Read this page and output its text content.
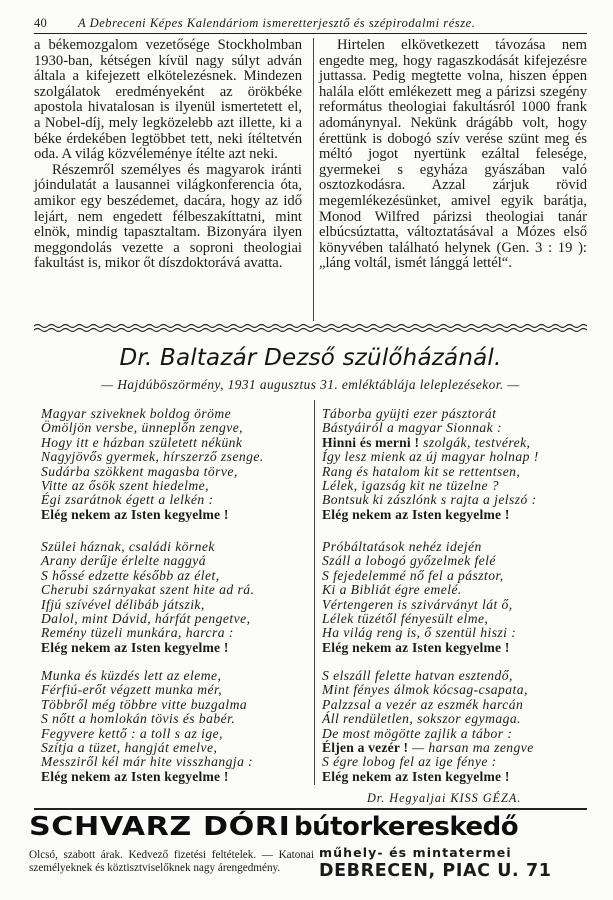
40 A Debreceni Képes Kalendáriom ismeretterjesztő és szépirodalmi része.

a békemozgalom vezetősége Stockholmban 1930-ban, kétségen kívül nagy súlyt adván általa a kifejezett elkötelezésnek. Mindezen szolgálatok eredményeként az örökbéke apostola hivatalosan is ilyenül ismertetett el, a Nobel-díj, mely legközelebb azt illette, ki a béke érdekében legtöbbet tett, neki ítéltetvén oda. A világ közvéleménye ítélte azt neki.

Részemről személyes és magyarok iránti jóindulatát a lausannei világkonferencia óta, amikor egy beszédemet, dacára, hogy az idő lejárt, nem engedett félbeszakíttatni, mint elnök, mindig tapasztaltam. Bizonyára ilyen meggondolás vezette a soproni theologiai fakultást is, mikor őt díszdoktorává avatta.

Hirtelen elkövetkezett távozása nem engedte meg, hogy ragaszkodását kifejezésre juttassa. Pedig megtette volna, hiszen éppen halála előtt emlékezett meg a párizsi szegény református theologiai fakultásról 1000 frank adománynyal. Nekünk drágább volt, hogy érettünk is dobogó szív verése szünt meg és méltó jogot nyertünk ezáltal felesége, gyermekei s egyháza gyászában való osztozkodásra. Azzal zárjuk rövid megemlékezésünket, amivel egyik barátja, Monod Wilfred párizsi theologiai tanár elbúcsúztatta, változtatásával a Mózes első könyvében található helynek (Gen. 3 : 19 ): „láng voltál, ismét lánggá lettél“.

Dr. Baltazár Dezső szülőházánál.
— Hajdúböszörmény, 1931 augusztus 31. emléktáblája leleplezésekor. —
Magyar sziveknek boldog öröme
Ömöljön versbe, ünneplőn zengve,
Hogy itt e házban született nékünk
Nagyjövős gyermek, hírszerző zsenge.
Sudárba szökkent magasba törve,
Vitte az ősök szent hiedelme,
Égi zsarátnok égett a lelkén :
Elég nekem az Isten kegyelme !
Táborba gyüjti ezer pásztorát
Bástyáiról a magyar Sionnak :
Hinni és merni ! szolgák, testvérek,
Így lesz mienk az új magyar holnap !
Rang és hatalom kit se rettentsen,
Lélek, igazság kit ne tüzelne ?
Bontsuk ki zászlónk s rajta a jelszó :
Elég nekem az Isten kegyelme !
Szülei háznak, családi körnek
Arany derűje érlelte naggyá
S hőssé edzette később az élet,
Cherubi szárnyakat szent hite ad rá.
Ifjú szívével délibáb játszik,
Dalol, mint Dávid, hárfát pengetve,
Remény tüzeli munkára, harcra :
Elég nekem az Isten kegyelme !
Próbáltatások nehéz idején
Száll a lobogó győzelmek felé
S fejedelemmé nő fel a pásztor,
Ki a Bibliát égre emelé.
Vértengeren is szivárványt lát ő,
Lélek tüzétől fényesült elme,
Ha világ reng is, ő szentül hiszi :
Elég nekem az Isten kegyelme !
Munka és küzdés lett az eleme,
Férfiú-erőt végzett munka mér,
Többről még többre vitte buzgalma
S nőtt a homlokán tövis és babér.
Fegyvere kettő : a toll s az ige,
Szítja a tüzet, hangját emelve,
Messziről kél már hite visszhangja :
Elég nekem az Isten kegyelme !
S elszáll felette hatvan esztendő,
Mint fényes álmok kócsag-csapata,
Palzzsal a vezér az eszmék harcán
Áll rendületlen, sokszor egymaga.
De most mögötte zajlik a tábor :
Éljen a vezér ! — harsan ma zengve
S égre lobog fel az ige fénye :
Elég nekem az Isten kegyelme !
Dr. Hegyaljai KISS GÉZA.
SCHVARZ DÓRI bútorkereskedő
Olcsó, szabott árak. Kedvező fizetési feltételek. — Katonai személyeknek és köztisztviselőknek nagy árengedmény.
műhely- és mintatermei
DEBRECEN, PIAC U. 71
